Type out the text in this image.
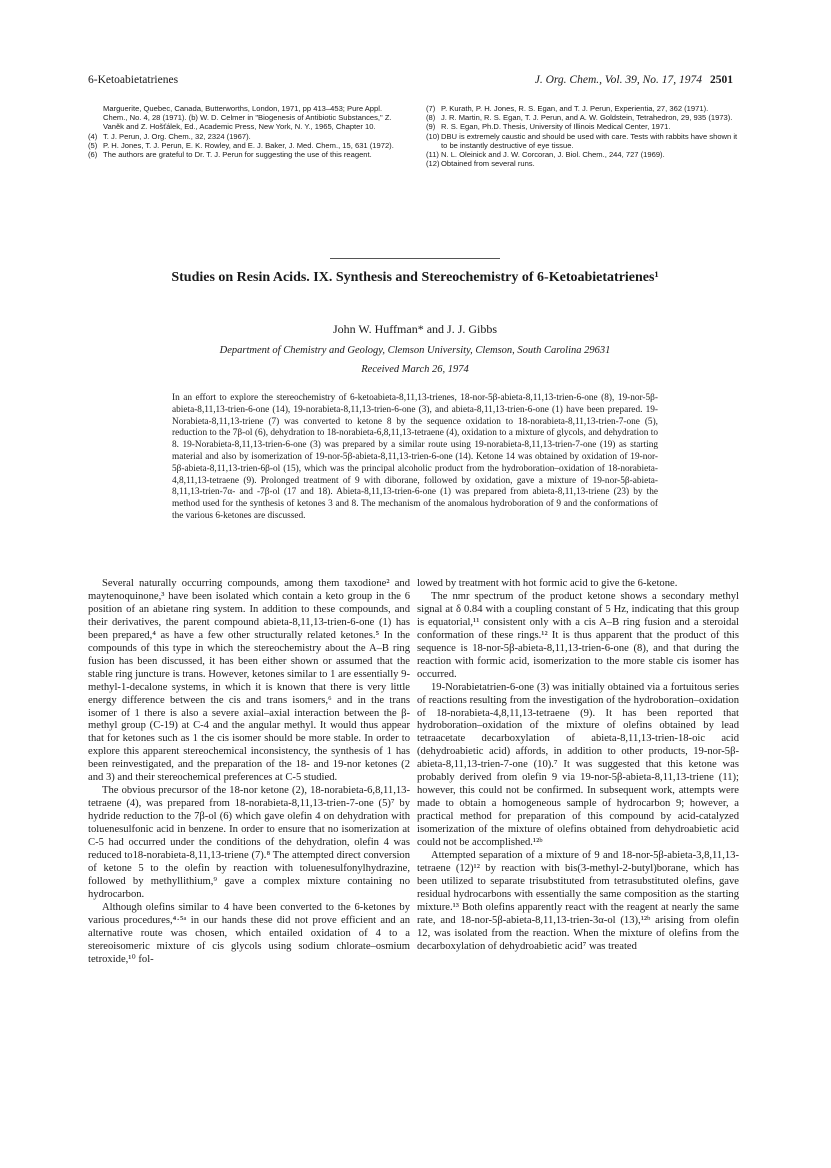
6-Ketoabietatrienes	J. Org. Chem., Vol. 39, No. 17, 1974 2501
Marguerite, Quebec, Canada, Butterworths, London, 1971, pp 413–453; Pure Appl. Chem., No. 4, 28 (1971). (b) W. D. Celmer in "Biogenesis of Antibiotic Substances," Z. Vaněk and Z. Hošťálek, Ed., Academic Press, New York, N. Y., 1965, Chapter 10.
(4) T. J. Perun, J. Org. Chem., 32, 2324 (1967).
(5) P. H. Jones, T. J. Perun, E. K. Rowley, and E. J. Baker, J. Med. Chem., 15, 631 (1972).
(6) The authors are grateful to Dr. T. J. Perun for suggesting the use of this reagent.
(7) P. Kurath, P. H. Jones, R. S. Egan, and T. J. Perun, Experientia, 27, 362 (1971).
(8) J. R. Martin, R. S. Egan, T. J. Perun, and A. W. Goldstein, Tetrahedron, 29, 935 (1973).
(9) R. S. Egan, Ph.D. Thesis, University of Illinois Medical Center, 1971.
(10) DBU is extremely caustic and should be used with care. Tests with rabbits have shown it to be instantly destructive of eye tissue.
(11) N. L. Oleinick and J. W. Corcoran, J. Biol. Chem., 244, 727 (1969).
(12) Obtained from several runs.
Studies on Resin Acids. IX. Synthesis and Stereochemistry of 6-Ketoabietatrienes¹
John W. Huffman* and J. J. Gibbs
Department of Chemistry and Geology, Clemson University, Clemson, South Carolina 29631
Received March 26, 1974
In an effort to explore the stereochemistry of 6-ketoabieta-8,11,13-trienes, 18-nor-5β-abieta-8,11,13-trien-6-one (8), 19-nor-5β-abieta-8,11,13-trien-6-one (14), 19-norabieta-8,11,13-trien-6-one (3), and abieta-8,11,13-trien-6-one (1) have been prepared. 19-Norabieta-8,11,13-triene (7) was converted to ketone 8 by the sequence oxidation to 18-norabieta-8,11,13-trien-7-one (5), reduction to the 7β-ol (6), dehydration to 18-norabieta-6,8,11,13-tetraene (4), oxidation to a mixture of glycols, and dehydration to 8. 19-Norabieta-8,11,13-trien-6-one (3) was prepared by a similar route using 19-norabieta-8,11,13-trien-7-one (19) as starting material and also by isomerization of 19-nor-5β-abieta-8,11,13-trien-6-one (14). Ketone 14 was obtained by oxidation of 19-nor-5β-abieta-8,11,13-trien-6β-ol (15), which was the principal alcoholic product from the hydroboration–oxidation of 18-norabieta-4,8,11,13-tetraene (9). Prolonged treatment of 9 with diborane, followed by oxidation, gave a mixture of 19-nor-5β-abieta-8,11,13-trien-7α- and -7β-ol (17 and 18). Abieta-8,11,13-trien-6-one (1) was prepared from abieta-8,11,13-triene (23) by the method used for the synthesis of ketones 3 and 8. The mechanism of the anomalous hydroboration of 9 and the conformations of the various 6-ketones are discussed.

Several naturally occurring compounds, among them taxodione² and maytenoquinone,³ have been isolated which contain a keto group in the 6 position of an abietane ring system. In addition to these compounds, and their derivatives, the parent compound abieta-8,11,13-trien-6-one (1) has been prepared,⁴ as have a few other structurally related ketones.⁵ In the compounds of this type in which the stereochemistry about the A–B ring fusion has been discussed, it has been either shown or assumed that the stable ring juncture is trans. However, ketones similar to 1 are essentially 9-methyl-1-decalone systems, in which it is known that there is very little energy difference between the cis and trans isomers,⁶ and in the trans isomer of 1 there is also a severe axial–axial interaction between the β-methyl group (C-19) at C-4 and the angular methyl. It would thus appear that for ketones such as 1 the cis isomer should be more stable. In order to explore this apparent stereochemical inconsistency, the synthesis of 1 has been reinvestigated, and the preparation of the 18- and 19-nor ketones (2 and 3) and their stereochemical preferences at C-5 studied.

The obvious precursor of the 18-nor ketone (2), 18-norabieta-6,8,11,13-tetraene (4), was prepared from 18-norabieta-8,11,13-trien-7-one (5)⁷ by hydride reduction to the 7β-ol (6) which gave olefin 4 on dehydration with toluenesulfonic acid in benzene. In order to ensure that no isomerization at C-5 had occurred under the conditions of the dehydration, olefin 4 was reduced to18-norabieta-8,11,13-triene (7).⁸ The attempted direct conversion of ketone 5 to the olefin by reaction with toluenesulfonylhydrazine, followed by methyllithium,⁹ gave a complex mixture containing no hydrocarbon.

Although olefins similar to 4 have been converted to the 6-ketones by various procedures,⁴·⁵ᵃ in our hands these did not prove efficient and an alternative route was chosen, which entailed oxidation of 4 to a stereoisomeric mixture of cis glycols using sodium chlorate–osmium tetroxide,¹⁰ fol-

lowed by treatment with hot formic acid to give the 6-ketone.

The nmr spectrum of the product ketone shows a secondary methyl signal at δ 0.84 with a coupling constant of 5 Hz, indicating that this group is equatorial,¹¹ consistent only with a cis A–B ring fusion and a steroidal conformation of these rings.¹² It is thus apparent that the product of this sequence is 18-nor-5β-abieta-8,11,13-trien-6-one (8), and that during the reaction with formic acid, isomerization to the more stable cis isomer has occurred.

19-Norabietatrien-6-one (3) was initially obtained via a fortuitous series of reactions resulting from the investigation of the hydroboration–oxidation of 18-norabieta-4,8,11,13-tetraene (9). It has been reported that hydroboration–oxidation of the mixture of olefins obtained by lead tetraacetate decarboxylation of abieta-8,11,13-trien-18-oic acid (dehydroabietic acid) affords, in addition to other products, 19-nor-5β-abieta-8,11,13-trien-7-one (10).⁷ It was suggested that this ketone was probably derived from olefin 9 via 19-nor-5β-abieta-8,11,13-triene (11); however, this could not be confirmed. In subsequent work, attempts were made to obtain a homogeneous sample of hydrocarbon 9; however, a practical method for preparation of this compound by acid-catalyzed isomerization of the mixture of olefins obtained from dehydroabietic acid could not be accomplished.¹²ᵇ

Attempted separation of a mixture of 9 and 18-nor-5β-abieta-3,8,11,13-tetraene (12)¹² by reaction with bis(3-methyl-2-butyl)borane, which has been utilized to separate trisubstituted from tetrasubstituted olefins, gave residual hydrocarbons with essentially the same composition as the starting mixture.¹³ Both olefins apparently react with the reagent at nearly the same rate, and 18-nor-5β-abieta-8,11,13-trien-3α-ol (13),¹²ᵇ arising from olefin 12, was isolated from the reaction. When the mixture of olefins from the decarboxylation of dehydroabietic acid⁷ was treated
